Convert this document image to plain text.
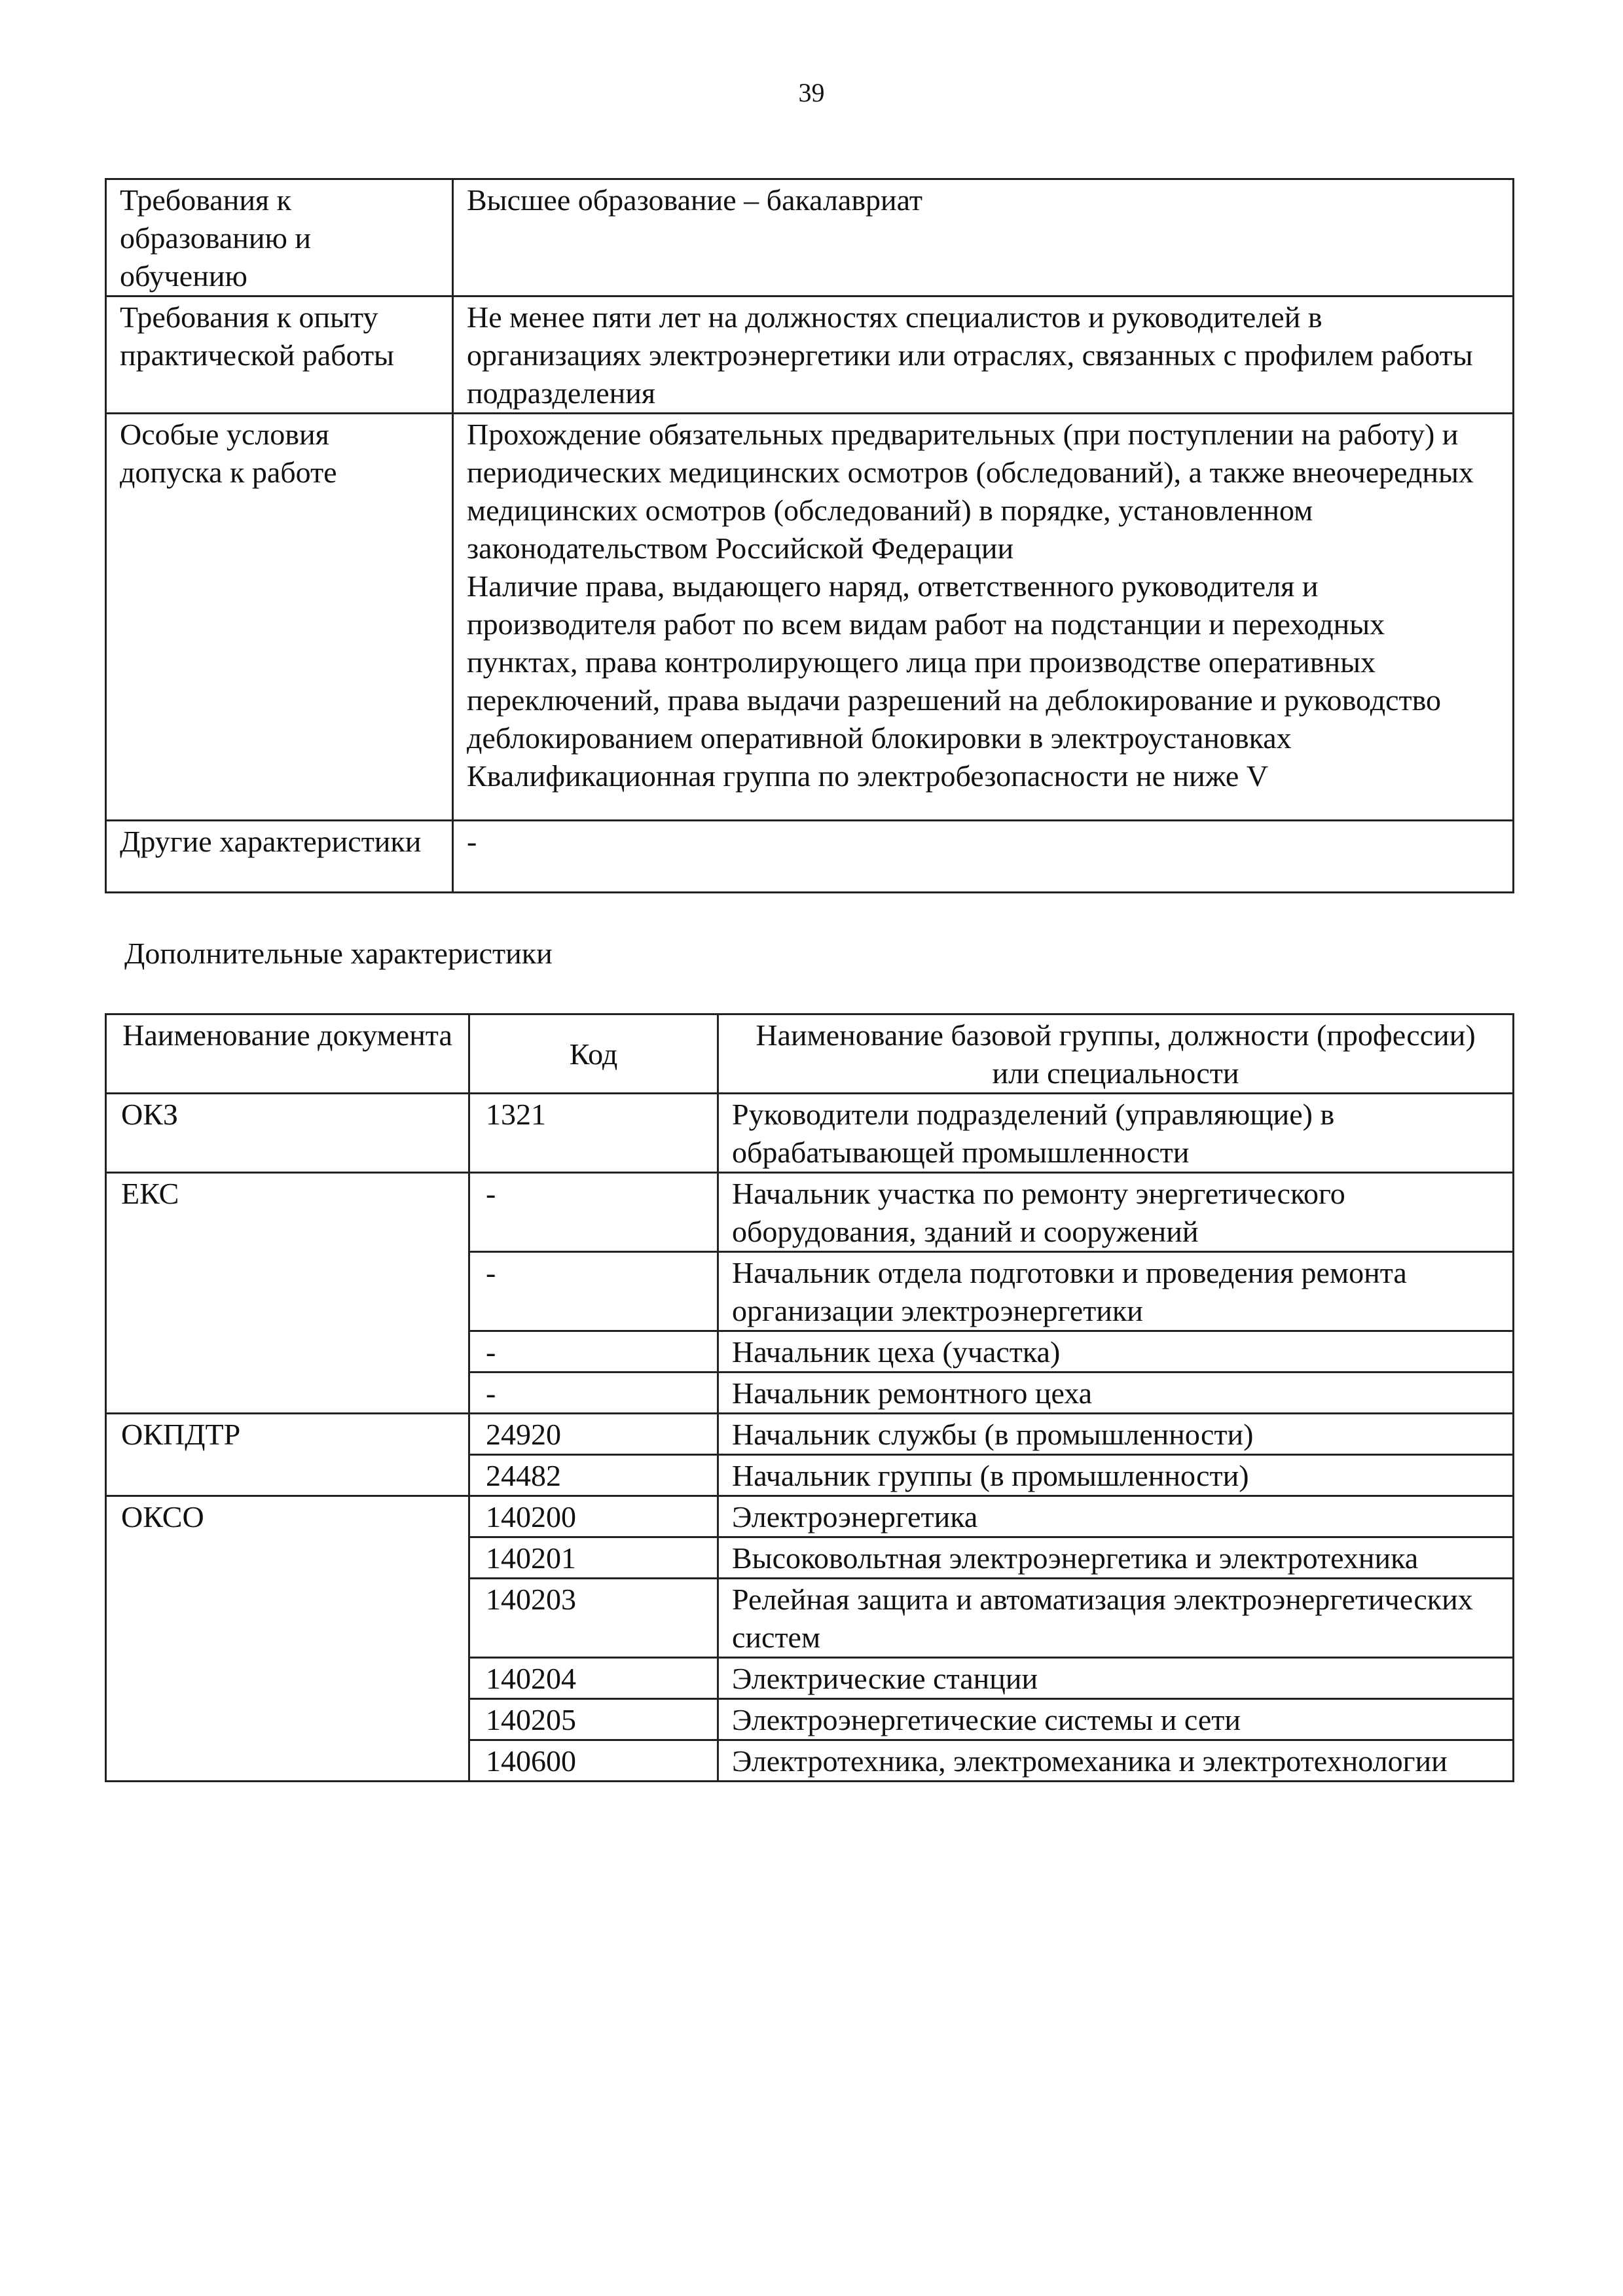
39
Требования к образованию и обучению	Высшее образование – бакалавриат

Требования к опыту практической работы	Не менее пяти лет на должностях специалистов и руководителей в организациях электроэнергетики или отраслях, связанных с профилем работы подразделения

Особые условия допуска к работе	Прохождение обязательных предварительных (при поступлении на работу) и периодических медицинских осмотров (обследований), а также внеочередных медицинских осмотров (обследований) в порядке, установленном законодательством Российской Федерации
Наличие права, выдающего наряд, ответственного руководителя и производителя работ по всем видам работ на подстанции и переходных пунктах, права контролирующего лица при производстве оперативных переключений, права выдачи разрешений на деблокирование и руководство деблокированием оперативной блокировки в электроустановках
Квалификационная группа по электробезопасности не ниже V

Другие характеристики	-
Дополнительные характеристики
Наименование документа	Код	Наименование базовой группы, должности (профессии) или специальности
ОКЗ	1321	Руководители подразделений (управляющие) в обрабатывающей промышленности
ЕКС	-	Начальник участка по ремонту энергетического оборудования, зданий и сооружений
	-	Начальник отдела подготовки и проведения ремонта организации электроэнергетики
	-	Начальник цеха (участка)
	-	Начальник ремонтного цеха
ОКПДТР	24920	Начальник службы (в промышленности)
	24482	Начальник группы (в промышленности)
ОКСО	140200	Электроэнергетика
	140201	Высоковольтная электроэнергетика и электротехника
	140203	Релейная защита и автоматизация электроэнергетических систем
	140204	Электрические станции
	140205	Электроэнергетические системы и сети
	140600	Электротехника, электромеханика и электротехнологии
